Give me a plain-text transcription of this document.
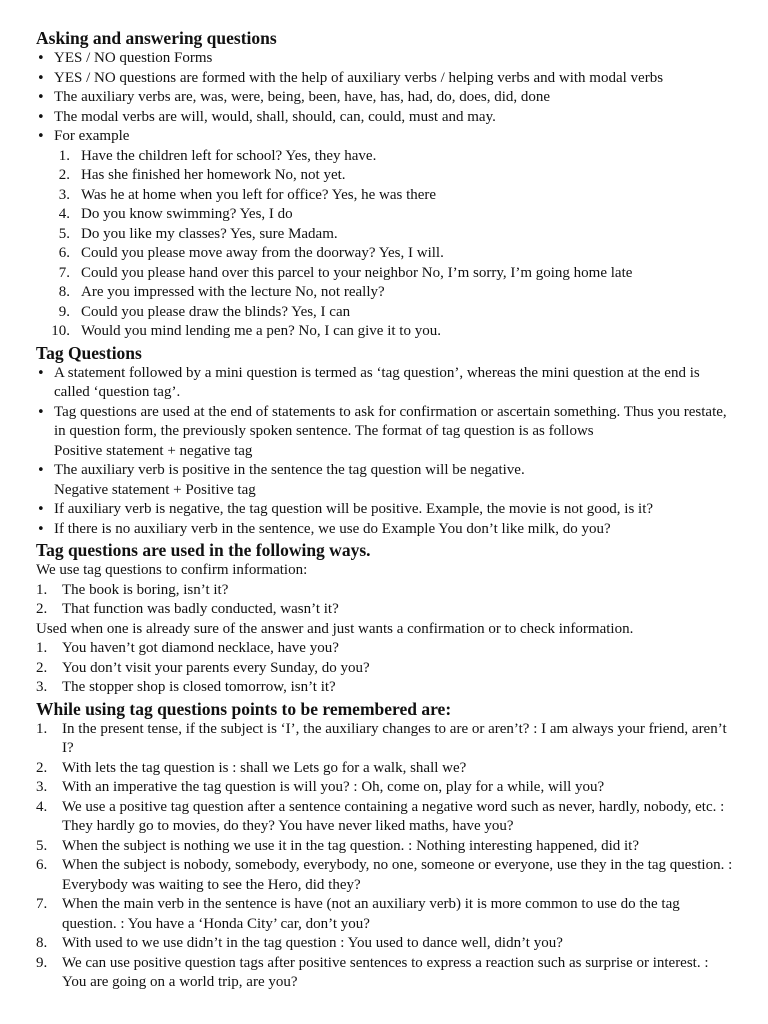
Asking and answering questions
• YES / NO question Forms
• YES / NO questions are formed with the help of auxiliary verbs / helping verbs and with modal verbs
• The auxiliary verbs are, was, were, being, been, have, has, had, do, does, did, done
• The modal verbs are will, would, shall, should, can, could, must and may.
• For example
1. Have the children left for school? Yes, they have.
2. Has she finished her homework No, not yet.
3. Was he at home when you left for office? Yes, he was there
4. Do you know swimming? Yes, I do
5. Do you like my classes? Yes, sure Madam.
6. Could you please move away from the doorway? Yes, I will.
7. Could you please hand over this parcel to your neighbor No, I’m sorry, I’m going home late
8. Are you impressed with the lecture No, not really?
9. Could you please draw the blinds? Yes, I can
10. Would you mind lending me a pen? No, I can give it to you.
Tag Questions
• A statement followed by a mini question is termed as ‘tag question’, whereas the mini question at the end is called ‘question tag’.
• Tag questions are used at the end of statements to ask for confirmation or ascertain something. Thus you restate, in question form, the previously spoken sentence. The format of tag question is as follows
Positive statement + negative tag
• The auxiliary verb is positive in the sentence the tag question will be negative.
Negative statement + Positive tag
• If auxiliary verb is negative, the tag question will be positive. Example, the movie is not good, is it?
• If there is no auxiliary verb in the sentence, we use do Example You don’t like milk, do you?
Tag questions are used in the following ways.

We use tag questions to confirm information:

1. The book is boring, isn’t it?
2. That function was badly conducted, wasn’t it?

Used when one is already sure of the answer and just wants a confirmation or to check information.

1. You haven’t got diamond necklace, have you?
2. You don’t visit your parents every Sunday, do you?
3. The stopper shop is closed tomorrow, isn’t it?
While using tag questions points to be remembered are:
1. In the present tense, if the subject is ‘I’, the auxiliary changes to are or aren’t? : I am always your friend, aren’t I?
2. With lets the tag question is : shall we Lets go for a walk, shall we?
3. With an imperative the tag question is will you? : Oh, come on, play for a while, will you?
4. We use a positive tag question after a sentence containing a negative word such as never, hardly, nobody, etc. : They hardly go to movies, do they? You have never liked maths, have you?
5. When the subject is nothing we use it in the tag question. : Nothing interesting happened, did it?
6. When the subject is nobody, somebody, everybody, no one, someone or everyone, use they in the tag question. : Everybody was waiting to see the Hero, did they?
7. When the main verb in the sentence is have (not an auxiliary verb) it is more common to use do the tag question. : You have a ‘Honda City’ car, don’t you?
8. With used to we use didn’t in the tag question : You used to dance well, didn’t you?
9. We can use positive question tags after positive sentences to express a reaction such as surprise or interest. : You are going on a world trip, are you?
